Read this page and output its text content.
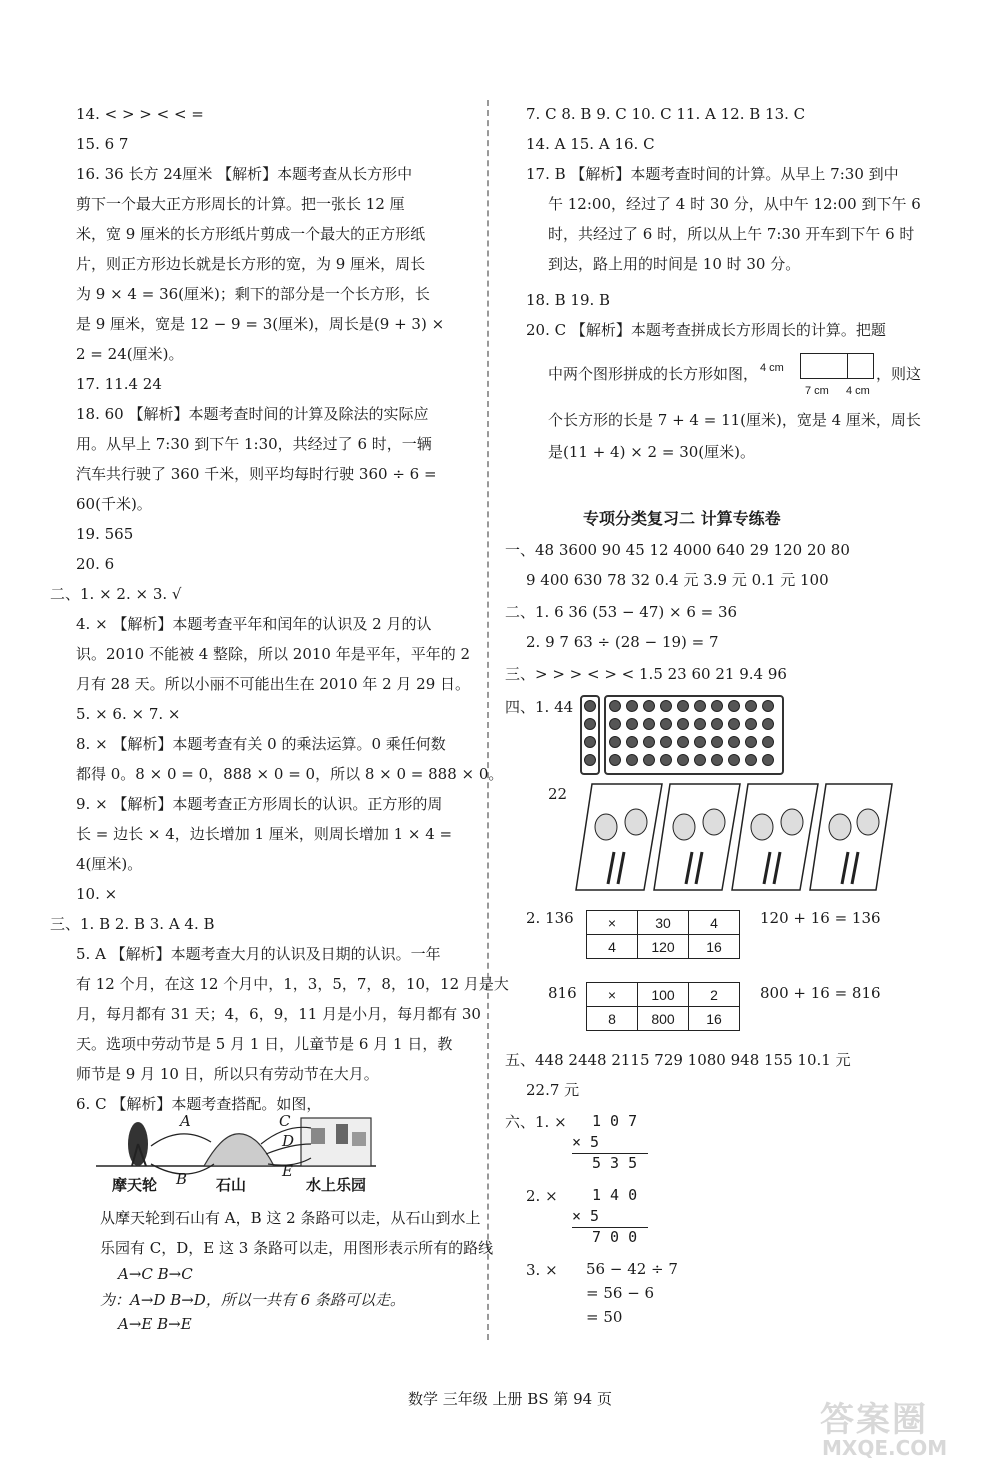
14. < > > < < =
15. 6 7
16. 36 长方 24厘米 【解析】本题考查从长方形中
剪下一个最大正方形周长的计算。把一张长 12 厘
米，宽 9 厘米的长方形纸片剪成一个最大的正方形纸
片，则正方形边长就是长方形的宽，为 9 厘米，周长
为 9 × 4 = 36(厘米)；剩下的部分是一个长方形，长
是 9 厘米，宽是 12 − 9 = 3(厘米)，周长是(9 + 3) ×
2 = 24(厘米)。
17. 11.4 24
18. 60 【解析】本题考查时间的计算及除法的实际应
用。从早上 7:30 到下午 1:30，共经过了 6 时，一辆
汽车共行驶了 360 千米，则平均每时行驶 360 ÷ 6 =
60(千米)。
19. 565
20. 6
二、1. × 2. × 3. √
4. × 【解析】本题考查平年和闰年的认识及 2 月的认
识。2010 不能被 4 整除，所以 2010 年是平年，平年的 2
月有 28 天。所以小丽不可能出生在 2010 年 2 月 29 日。
5. × 6. × 7. ×
8. × 【解析】本题考查有关 0 的乘法运算。0 乘任何数
都得 0。8 × 0 = 0，888 × 0 = 0，所以 8 × 0 = 888 × 0。
9. × 【解析】本题考查正方形周长的认识。正方形的周
长 = 边长 × 4，边长增加 1 厘米，则周长增加 1 × 4 =
4(厘米)。
10. ×
三、1. B 2. B 3. A 4. B
5. A 【解析】本题考查大月的认识及日期的认识。一年
有 12 个月，在这 12 个月中，1，3，5，7，8，10，12 月是大
月，每月都有 31 天；4，6，9，11 月是小月，每月都有 30
天。选项中劳动节是 5 月 1 日，儿童节是 6 月 1 日，教
师节是 9 月 10 日，所以只有劳动节在大月。
6. C 【解析】本题考查搭配。如图，
A
B
C
D
E
摩天轮	石山	水上乐园
从摩天轮到石山有 A，B 这 2 条路可以走，从石山到水上
乐园有 C，D，E 这 3 条路可以走，用图形表示所有的路线
A→C B→C
为：A→D B→D，所以一共有 6 条路可以走。
A→E B→E
7. C 8. B 9. C 10. C 11. A 12. B 13. C
14. A 15. A 16. C
17. B 【解析】本题考查时间的计算。从早上 7:30 到中
午 12:00，经过了 4 时 30 分，从中午 12:00 到下午 6
时，共经过了 6 时，所以从上午 7:30 开车到下午 6 时
到达，路上用的时间是 10 时 30 分。
18. B 19. B
20. C 【解析】本题考查拼成长方形周长的计算。把题
中两个图形拼成的长方形如图， 4 cm
7 cm 4 cm
，则这
个长方形的长是 7 + 4 = 11(厘米)，宽是 4 厘米，周长
是(11 + 4) × 2 = 30(厘米)。
专项分类复习二 计算专练卷
一、48 3600 90 45 12 4000 640 29 120 20 80
9 400 630 78 32 0.4 元 3.9 元 0.1 元 100
二、1. 6 36 (53 − 47) × 6 = 36
2. 9 7 63 ÷ (28 − 19) = 7
三、> > > < > < 1.5 23 60 21 9.4 96
四、1. 44
22
2. 136 ×	30	4
4	120	16
120 + 16 = 136
816 ×	100	2
8	800	16
800 + 16 = 816
五、448 2448 2115 729 1080 948 155 10.1 元
22.7 元
六、1. × 1 0 7
× 5
5 3 5
2. × 1 4 0
× 5
7 0 0
3. × 56 − 42 ÷ 7
= 56 − 6
= 50
数学 三年级 上册 BS 第 94 页
答案圈
MXQE.COM
